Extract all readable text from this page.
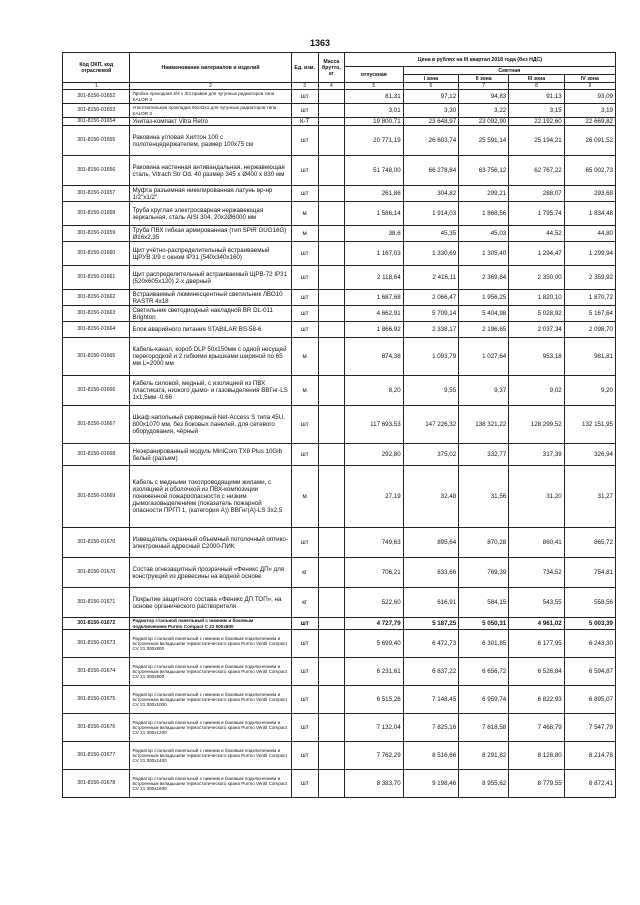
1363
Код ОКП, код отраслевой	Наименование материалов и изделий	Ед. изм.	Масса брутто, кг	Цена в рублях на III квартал 2018 года (без НДС)				
				отпускная	Сметная			
					I зона	II зона	III зона	IV зона
1	2	3	4	5	6	7	8	9
301-8156-01652	Пробка проходная 3/4 х 3/4 правая для чугунных радиаторов типа KALOR 3	шт		81,31	97,12	94,83	91,13	93,09
301-8156-01653	Уплотнительная прокладка 60х42х1 для чугунных радиаторов типа KALOR 3	шт		3,01	3,30	3,22	3,15	3,19
301-8156-01654	Унитаз-компакт Vitra Retro	К-Т		19 800,71	23 648,97	23 092,90	22 192,60	22 669,82
301-8156-01655	Раковина угловая Хилтон 100 с полотенцедержателем, размер 100х75 см	шт		20 771,19	26 603,74	25 591,14	25 194,21	26 091,52
301-8156-01656	Раковина настенная антивандальная, нержавеющая сталь, Vitrach Str Od. 40 размер 345 х Ø400 х 830 мм	шт		51 748,00	66 278,84	63 756,12	62 767,22	65 002,73
301-8156-01657	Муфта разъемная никелированная латунь вр-нр 1/2"х1/2"	шт		261,86	304,82	299,21	288,07	293,68
301-8156-01658	Труба круглая электросварная нержавеющая зеркальная, сталь AISI 304, 20х2Ø6000 мм	м		1 586,14	1 914,03	1 868,56	1 795,74	1 834,48
301-8156-01659	Труба ПВХ гибкая армированная (тип SPiR GUG16G) Ø16х2,35	м		38,6	45,35	45,03	44,52	44,80
301-8156-01660	Щит учётно-распределительный встраиваемый ЩРУВ 3/9 с окном IP31 (540х340х160)	шт		1 167,03	1 330,69	1 305,40	1 294,47	1 299,94
301-8156-01661	Щит распределительный встраиваемый ЩРВ-72 IP31 (520х605х120) 2-х дверный	шт		2 118,64	2 416,11	2 369,84	2 350,00	2 359,92
301-8156-01662	Встраиваемый люминесцентный светильник ЛВО10 RASTR 4х18	шт		1 687,68	2 066,47	1 956,25	1 820,10	1 870,72
301-8156-01663	Светильник светодиодный накладной BR DL-011 Brighton	шт		4 662,91	5 709,14	5 404,98	5 028,92	5 167,64
301-8156-01664	Блок аварийного питания STABILAR BS-58-6	шт		1 866,92	2 338,17	2 196,65	2 037,34	2 098,70
301-8156-01665	Кабель-канал, короб DLP 50х150мм с одной несущей перегородкой и 2 гибкими крышками шириной по 65 мм L=2000 мм	м		874,38	1 093,79	1 027,64	953,18	981,81
301-8156-01666	Кабель силовой, медный, с изоляцией из ПВХ пластиката, низкого дымо- и газовыделения ВВГнг-LS 1х1,5мм -0.66	м		8,20	9,55	9,37	9,02	9,20
301-8156-01667	Шкаф напольный серверный Net-Access S типа 45U, 800х1070 мм, без боковых панелей, для сетевого оборудования, чёрный	шт		117 693,53	147 226,32	138 321,22	128 299,52	132 151,95
301-8156-01668	Неэкранированный модуль MiniCom TX8 Plus 10Gib белый (разъем)	шт		292,80	375,02	332,77	317,39	326,94
301-8156-01669	Кабель с медными токопроводящими жилами, с изоляцией и оболочкой из ПВХ-композиции пониженной пожароопасности с низким дымогазовыделением (показатель пожарной опасности ПРГП 1, (категория А)) ВВГнг(А)-LS 3х2,5	м		27,19	32,48	31,56	31,20	31,27
301-8156-01670	Извещатель охранный объемный потолочный оптико-электронный адресный С2000-ПИК	шт		749,63	895,64	870,28	860,41	865,72
301-8156-01670	Состав огнезащитный прозрачный «Феникс ДП» для конструкций из древесины на водной основе	кг		706,21	833,66	769,39	734,52	754,81
301-8156-01671	Покрытие защитного состава «Феникс ДП ТОП», на основе органического растворителя	кг		522,60	616,91	584,15	543,55	558,56
301-8156-01672	Радиатор стальной панельный с нижним и боковым подключением Purmo Compact C 22 500х800	шт		4 727,79	5 187,25	5 050,31	4 961,02	5 003,39
301-8156-01673	Радиатор стальной панельный с нижним и боковым подключением и встроенным вкладышем термостатического крана Purmo Ventil Compact CV 21 300х800	шт		5 699,40	6 472,73	6 301,85	6 177,95	6 243,30
301-8156-01674	Радиатор стальной панельный с нижним и боковым подключением и встроенным вкладышем термостатического крана Purmo Ventil Compact CV 21 300х900	шт		6 231,61	6 837,22	6 656,72	6 526,84	6 594,87
301-8156-01675	Радиатор стальной панельный с нижним и боковым подключением и встроенным вкладышем термостатического крана Purmo Ventil Compact CV 21 300х1000	шт		6 515,26	7 148,45	6 959,74	6 822,93	6 895,07
301-8156-01676	Радиатор стальной панельный с нижним и боковым подключением и встроенным вкладышем термостатического крана Purmo Ventil Compact CV 21 300х1200	шт		7 132,04	7 825,16	7 618,58	7 468,79	7 547,79
301-8156-01677	Радиатор стальной панельный с нижним и боковым подключением и встроенным вкладышем термостатического крана Purmo Ventil Compact CV 21 300х1400	шт		7 762,29	8 516,66	8 291,82	8 128,80	8 214,78
301-8156-01678	Радиатор стальной панельный с нижним и боковым подключением и встроенным вкладышем термостатического крана Purmo Ventil Compact CV 21 300х1600	шт		8 383,70	9 198,46	8 955,62	8 779,55	8 872,41
